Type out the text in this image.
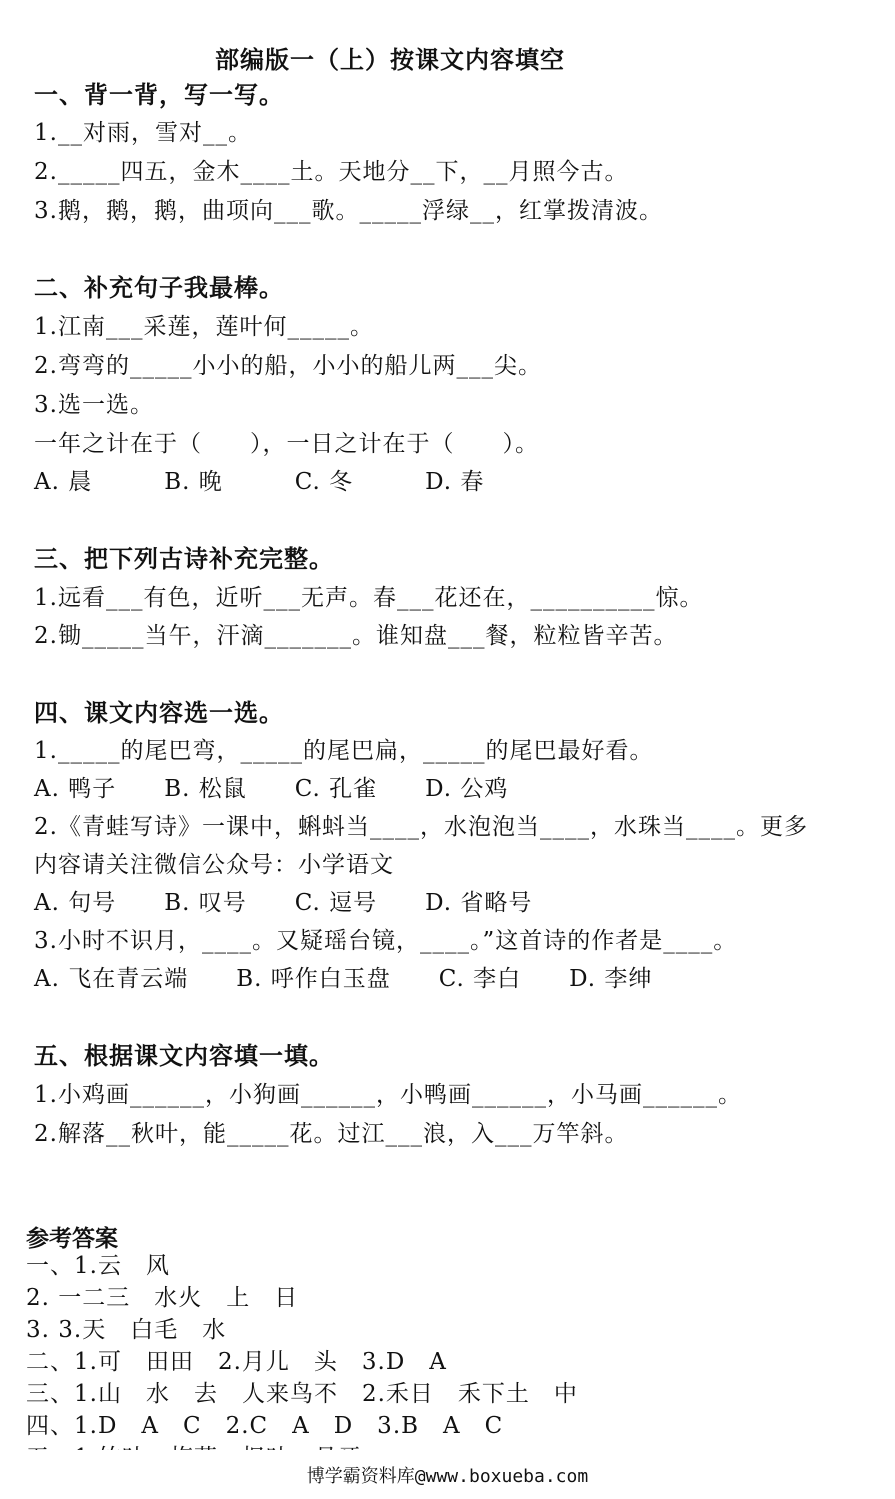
部编版一（上）按课文内容填空
一、背一背，写一写。
1.__对雨，雪对__。
2._____四五，金木____土。天地分__下，__月照今古。
3.鹅，鹅，鹅，曲项向___歌。_____浮绿__，红掌拨清波。
二、补充句子我最棒。
1.江南___采莲，莲叶何_____。
2.弯弯的_____小小的船，小小的船儿两___尖。
3.选一选。
一年之计在于（　　），一日之计在于（　　）。
A. 晨　　　B. 晚　　　C. 冬　　　D. 春
三、把下列古诗补充完整。
1.远看___有色，近听___无声。春___花还在，__________惊。
2.锄_____当午，汗滴_______。谁知盘___餐，粒粒皆辛苦。
四、课文内容选一选。
1._____的尾巴弯，_____的尾巴扁，_____的尾巴最好看。
A. 鸭子　　B. 松鼠　　C. 孔雀　　D. 公鸡
2.《青蛙写诗》一课中，蝌蚪当____，水泡泡当____，水珠当____。更多
内容请关注微信公众号：小学语文
A. 句号　　B. 叹号　　C. 逗号　　D. 省略号
3.小时不识月，____。又疑瑶台镜，____。”这首诗的作者是____。
A. 飞在青云端　　B. 呼作白玉盘　　C. 李白　　D. 李绅
五、根据课文内容填一填。
1.小鸡画______，小狗画______，小鸭画______，小马画______。
2.解落__秋叶，能_____花。过江___浪，入___万竿斜。
参考答案
一、1.云　风
2. 一二三　水火　上　日
3. 3.天　白毛　水
二、1.可　田田　2.月儿　头　3.D　A
三、1.山　水　去　人来鸟不　2.禾日　禾下土　中
四、1.D　A　C　2.C　A　D　3.B　A　C
博学霸资料库@www.boxueba.com
